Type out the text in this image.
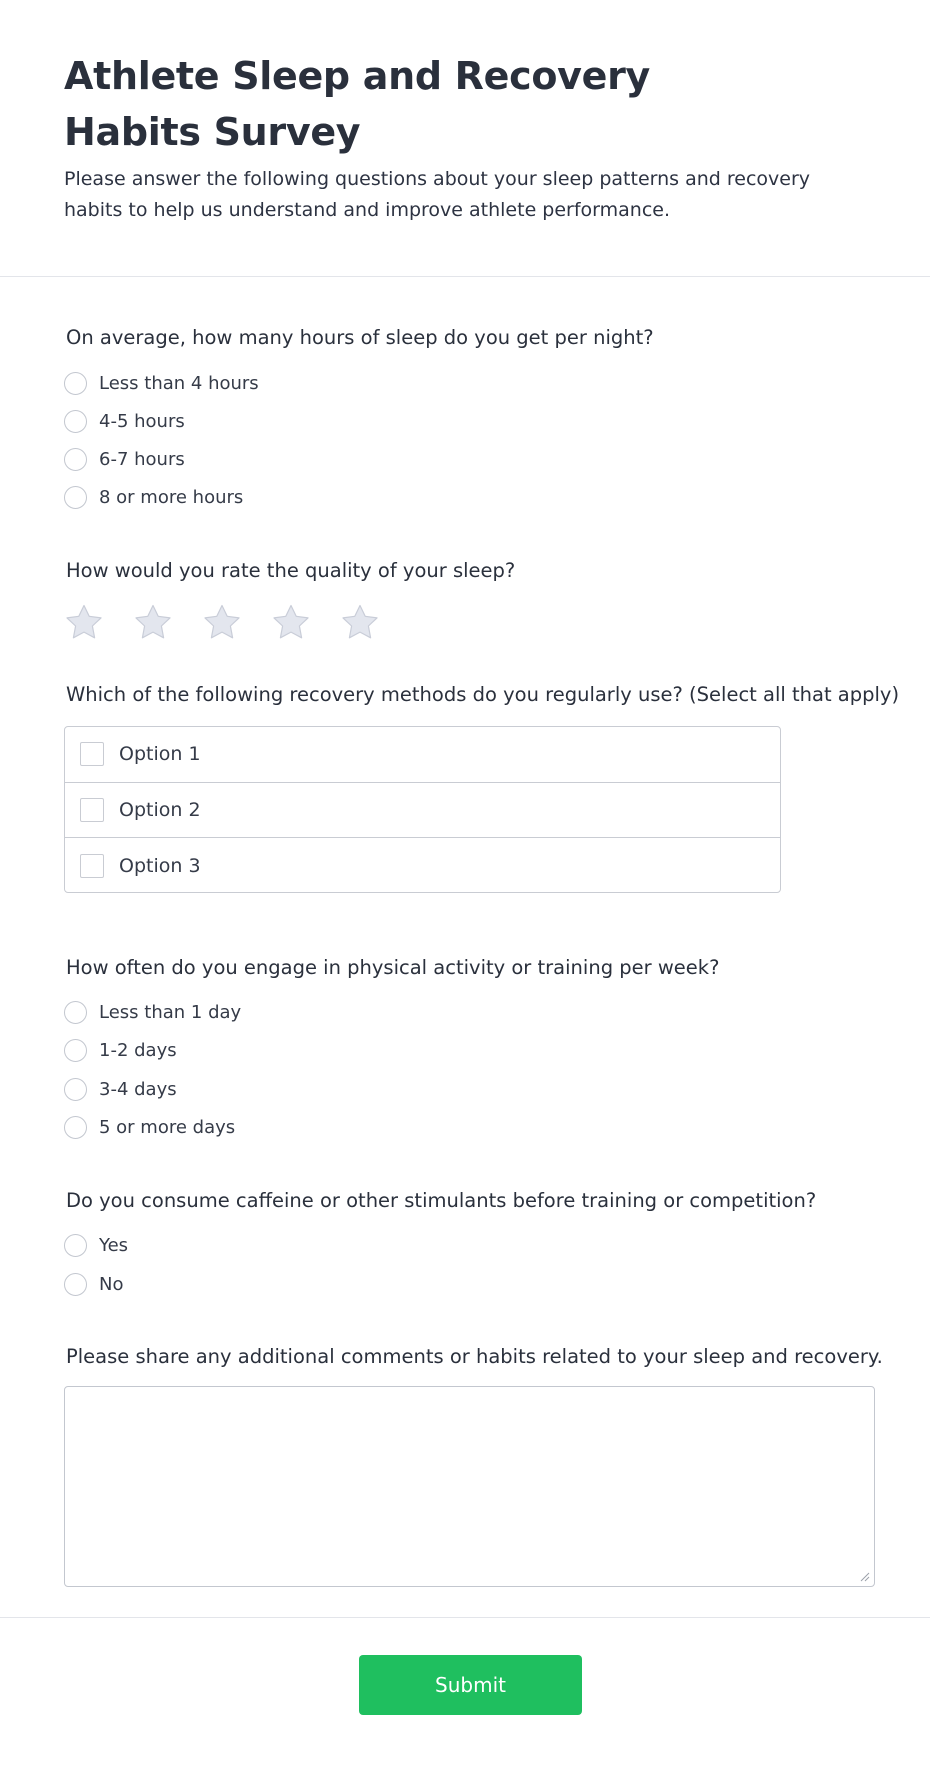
Athlete Sleep and Recovery Habits Survey

Please answer the following questions about your sleep patterns and recovery habits to help us understand and improve athlete performance.

On average, how many hours of sleep do you get per night?

Less than 4 hours
4-5 hours
6-7 hours
8 or more hours

How would you rate the quality of your sleep?

Which of the following recovery methods do you regularly use? (Select all that apply)

Option 1
Option 2
Option 3

How often do you engage in physical activity or training per week?

Less than 1 day
1-2 days
3-4 days
5 or more days

Do you consume caffeine or other stimulants before training or competition?

Yes
No

Please share any additional comments or habits related to your sleep and recovery.

Submit
